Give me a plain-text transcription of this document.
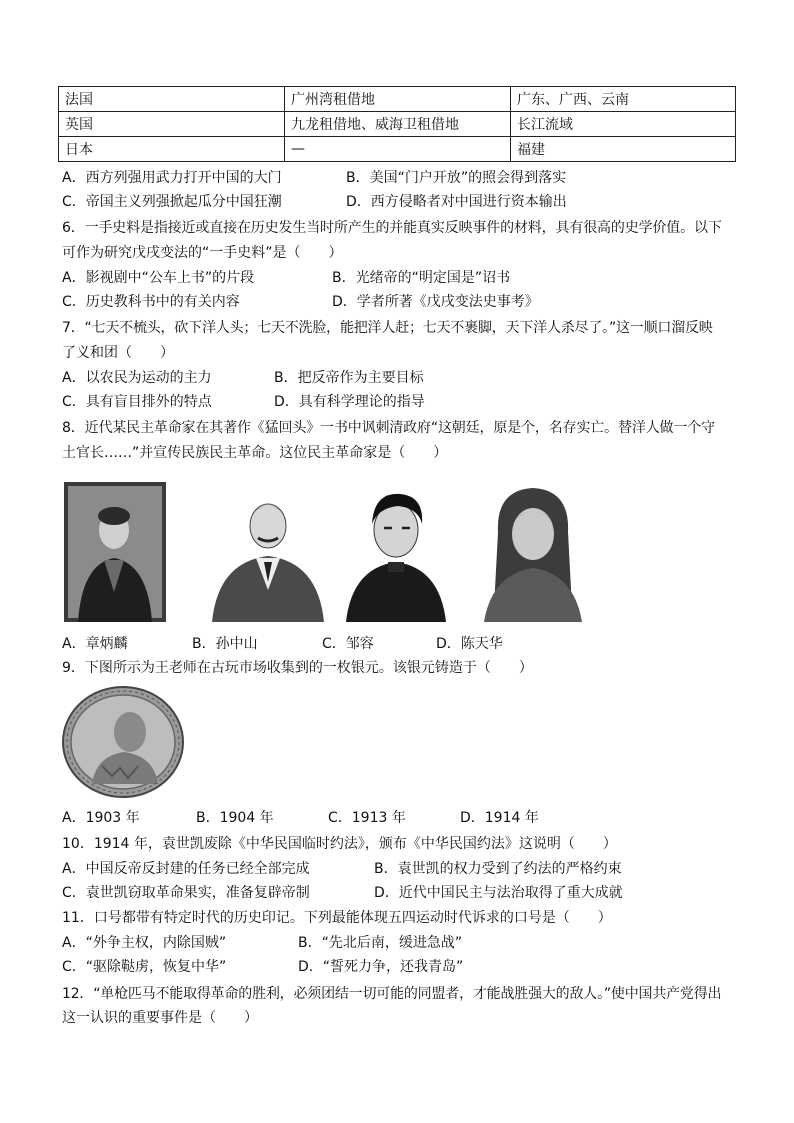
法国	广州湾租借地	广东、广西、云南
英国	九龙租借地、威海卫租借地	长江流域
日本	—	福建
A．西方列强用武力打开中国的大门	B．美国“门户开放”的照会得到落实
C．帝国主义列强掀起瓜分中国狂潮	D．西方侵略者对中国进行资本输出
6．一手史料是指接近或直接在历史发生当时所产生的并能真实反映事件的材料，具有很高的史学价值。以下
可作为研究戊戌变法的“一手史料”是（　　）
A．影视剧中“公车上书”的片段	B．光绪帝的“明定国是”诏书
C．历史教科书中的有关内容	D．学者所著《戊戌变法史事考》
7．“七天不梳头，砍下洋人头；七天不洗脸，能把洋人赶；七天不裹脚，天下洋人杀尽了。”这一顺口溜反映
了义和团（　　）
A．以农民为运动的主力	B．把反帝作为主要目标
C．具有盲目排外的特点	D．具有科学理论的指导
8．近代某民主革命家在其著作《猛回头》一书中讽刺清政府“这朝廷，原是个，名存实亡。替洋人做一个守
土官长……”并宣传民族民主革命。这位民主革命家是（　　）
A．章炳麟	B．孙中山	C．邹容	D．陈天华
9．下图所示为王老师在古玩市场收集到的一枚银元。该银元铸造于（　　）
A．1903 年	B．1904 年	C．1913 年	D．1914 年
10．1914 年，袁世凯废除《中华民国临时约法》，颁布《中华民国约法》这说明（　　）
A．中国反帝反封建的任务已经全部完成	B．袁世凯的权力受到了约法的严格约束
C．袁世凯窃取革命果实，准备复辟帝制	D．近代中国民主与法治取得了重大成就
11．口号都带有特定时代的历史印记。下列最能体现五四运动时代诉求的口号是（　　）
A．“外争主权，内除国贼”	B．“先北后南，缓进急战”
C．“驱除鞑虏，恢复中华”	D．“誓死力争，还我青岛”
12．“单枪匹马不能取得革命的胜利，必须团结一切可能的同盟者，才能战胜强大的敌人。”使中国共产党得出
这一认识的重要事件是（　　）
